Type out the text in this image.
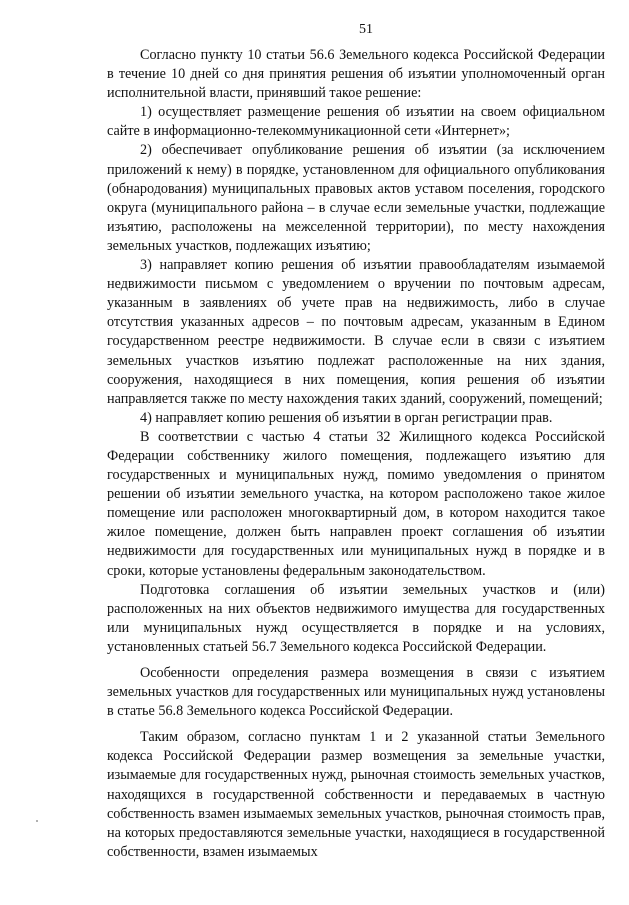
51

Согласно пункту 10 статьи 56.6 Земельного кодекса Российской Федерации в течение 10 дней со дня принятия решения об изъятии уполномоченный орган исполнительной власти, принявший такое решение:

1) осуществляет размещение решения об изъятии на своем официальном сайте в информационно-телекоммуникационной сети «Интернет»;

2) обеспечивает опубликование решения об изъятии (за исключением приложений к нему) в порядке, установленном для официального опубликования (обнародования) муниципальных правовых актов уставом поселения, городского округа (муниципального района – в случае если земельные участки, подлежащие изъятию, расположены на межселенной территории), по месту нахождения земельных участков, подлежащих изъятию;

3) направляет копию решения об изъятии правообладателям изымаемой недвижимости письмом с уведомлением о вручении по почтовым адресам, указанным в заявлениях об учете прав на недвижимость, либо в случае отсутствия указанных адресов – по почтовым адресам, указанным в Едином государственном реестре недвижимости. В случае если в связи с изъятием земельных участков изъятию подлежат расположенные на них здания, сооружения, находящиеся в них помещения, копия решения об изъятии направляется также по месту нахождения таких зданий, сооружений, помещений;

4) направляет копию решения об изъятии в орган регистрации прав.

В соответствии с частью 4 статьи 32 Жилищного кодекса Российской Федерации собственнику жилого помещения, подлежащего изъятию для государственных и муниципальных нужд, помимо уведомления о принятом решении об изъятии земельного участка, на котором расположено такое жилое помещение или расположен многоквартирный дом, в котором находится такое жилое помещение, должен быть направлен проект соглашения об изъятии недвижимости для государственных или муниципальных нужд в порядке и в сроки, которые установлены федеральным законодательством.

Подготовка соглашения об изъятии земельных участков и (или) расположенных на них объектов недвижимого имущества для государственных или муниципальных нужд осуществляется в порядке и на условиях, установленных статьей 56.7 Земельного кодекса Российской Федерации.

Особенности определения размера возмещения в связи с изъятием земельных участков для государственных или муниципальных нужд установлены в статье 56.8 Земельного кодекса Российской Федерации.

Таким образом, согласно пунктам 1 и 2 указанной статьи Земельного кодекса Российской Федерации размер возмещения за земельные участки, изымаемые для государственных нужд, рыночная стоимость земельных участков, находящихся в государственной собственности и передаваемых в частную собственность взамен изымаемых земельных участков, рыночная стоимость прав, на которых предоставляются земельные участки, находящиеся в государственной собственности, взамен изымаемых
